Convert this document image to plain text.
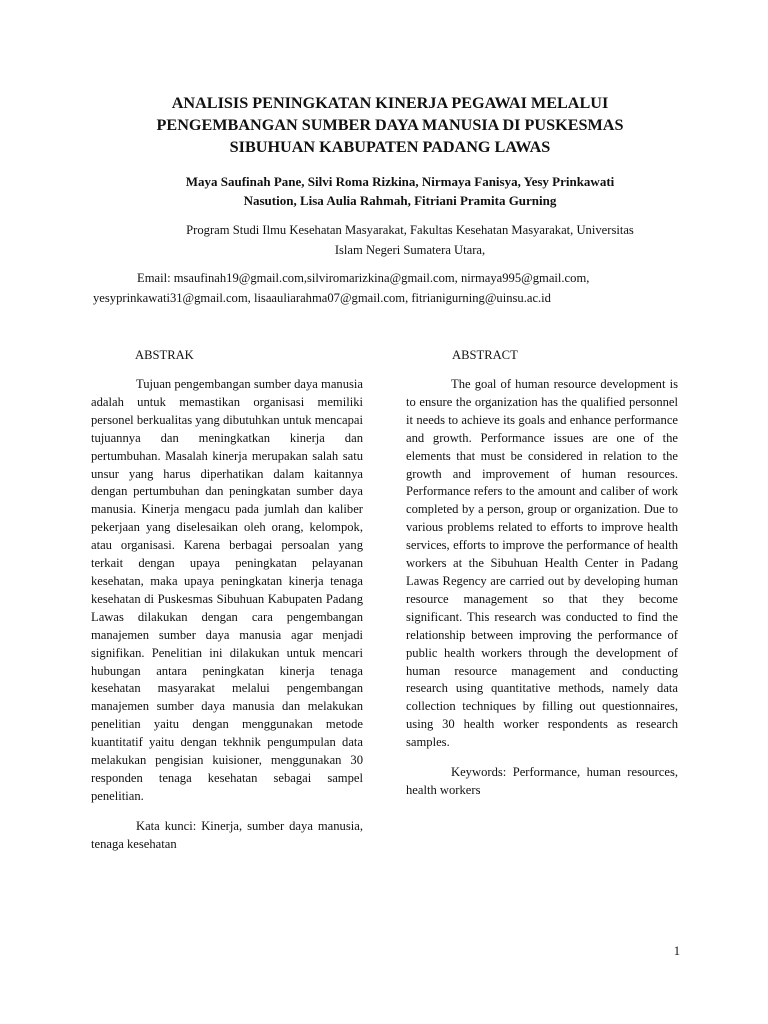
ANALISIS PENINGKATAN KINERJA PEGAWAI MELALUI
PENGEMBANGAN SUMBER DAYA MANUSIA DI PUSKESMAS
SIBUHUAN KABUPATEN PADANG LAWAS
Maya Saufinah Pane, Silvi Roma Rizkina, Nirmaya Fanisya, Yesy Prinkawati
Nasution, Lisa Aulia Rahmah, Fitriani Pramita Gurning
Program Studi Ilmu Kesehatan Masyarakat, Fakultas Kesehatan Masyarakat, Universitas
Islam Negeri Sumatera Utara,
Email: msaufinah19@gmail.com,silviromarizkina@gmail.com, nirmaya995@gmail.com,
yesyprinkawati31@gmail.com, lisaauliarahma07@gmail.com, fitrianigurning@uinsu.ac.id
ABSTRAK

Tujuan pengembangan sumber daya manusia adalah untuk memastikan organisasi memiliki personel berkualitas yang dibutuhkan untuk mencapai tujuannya dan meningkatkan kinerja dan pertumbuhan. Masalah kinerja merupakan salah satu unsur yang harus diperhatikan dalam kaitannya dengan pertumbuhan dan peningkatan sumber daya manusia. Kinerja mengacu pada jumlah dan kaliber pekerjaan yang diselesaikan oleh orang, kelompok, atau organisasi. Karena berbagai persoalan yang terkait dengan upaya peningkatan pelayanan kesehatan, maka upaya peningkatan kinerja tenaga kesehatan di Puskesmas Sibuhuan Kabupaten Padang Lawas dilakukan dengan cara pengembangan manajemen sumber daya manusia agar menjadi signifikan. Penelitian ini dilakukan untuk mencari hubungan antara peningkatan kinerja tenaga kesehatan masyarakat melalui pengembangan manajemen sumber daya manusia dan melakukan penelitian yaitu dengan menggunakan metode kuantitatif yaitu dengan tekhnik pengumpulan data melakukan pengisian kuisioner, menggunakan 30 responden tenaga kesehatan sebagai sampel penelitian.

Kata kunci: Kinerja, sumber daya manusia, tenaga kesehatan

ABSTRACT

The goal of human resource development is to ensure the organization has the qualified personnel it needs to achieve its goals and enhance performance and growth. Performance issues are one of the elements that must be considered in relation to the growth and improvement of human resources. Performance refers to the amount and caliber of work completed by a person, group or organization. Due to various problems related to efforts to improve health services, efforts to improve the performance of health workers at the Sibuhuan Health Center in Padang Lawas Regency are carried out by developing human resource management so that they become significant. This research was conducted to find the relationship between improving the performance of public health workers through the development of human resource management and conducting research using quantitative methods, namely data collection techniques by filling out questionnaires, using 30 health worker respondents as research samples.

Keywords: Performance, human resources, health workers

1
